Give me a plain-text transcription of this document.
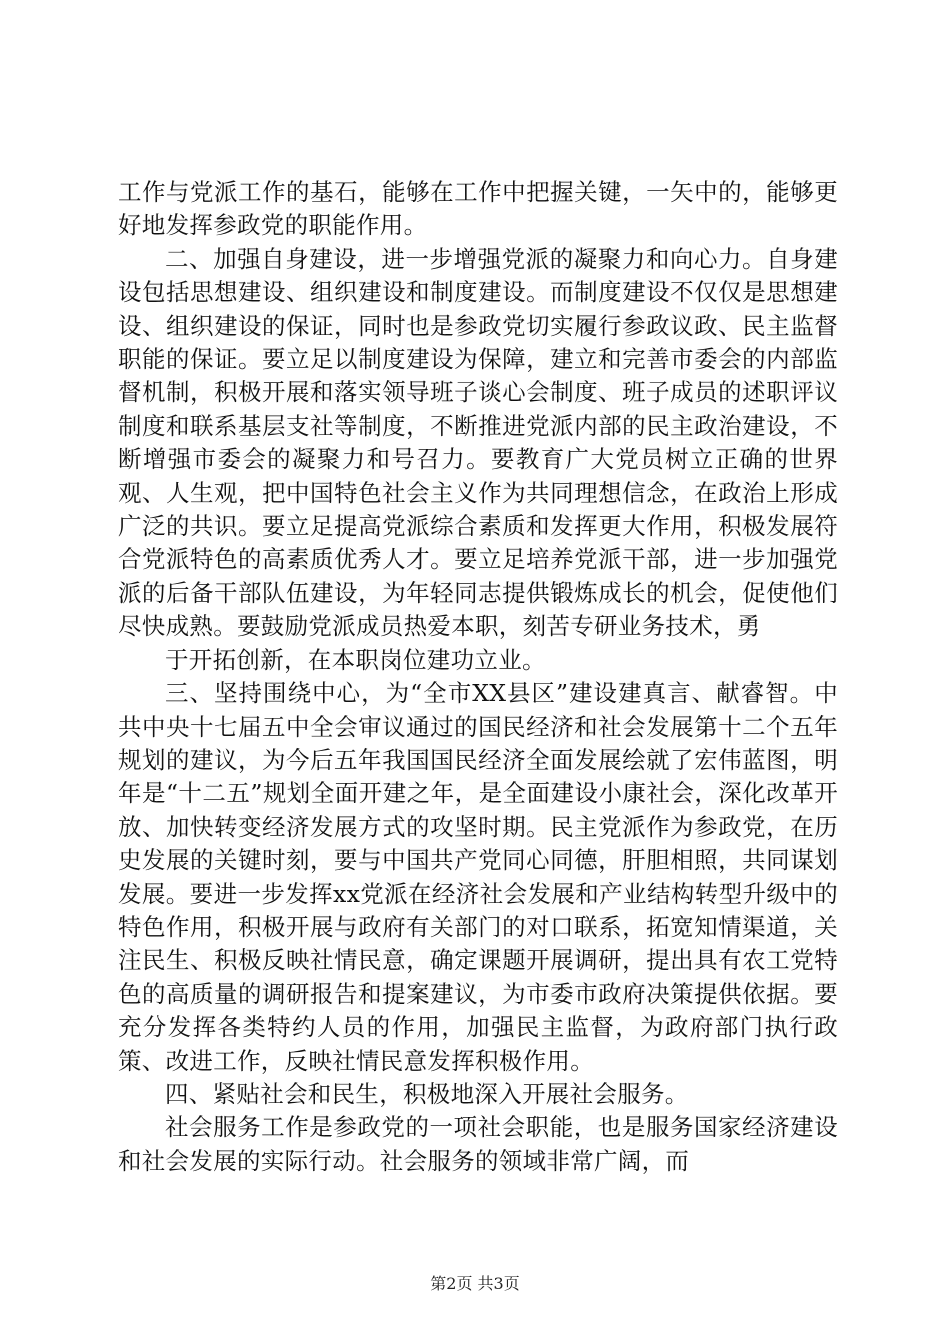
工作与党派工作的基石，能够在工作中把握关键，一矢中的，能够更好地发挥参政党的职能作用。

二、加强自身建设，进一步增强党派的凝聚力和向心力。自身建设包括思想建设、组织建设和制度建设。而制度建设不仅仅是思想建设、组织建设的保证，同时也是参政党切实履行参政议政、民主监督职能的保证。要立足以制度建设为保障，建立和完善市委会的内部监督机制，积极开展和落实领导班子谈心会制度、班子成员的述职评议制度和联系基层支社等制度，不断推进党派内部的民主政治建设，不断增强市委会的凝聚力和号召力。要教育广大党员树立正确的世界观、人生观，把中国特色社会主义作为共同理想信念，在政治上形成广泛的共识。要立足提高党派综合素质和发挥更大作用，积极发展符合党派特色的高素质优秀人才。要立足培养党派干部，进一步加强党派的后备干部队伍建设，为年轻同志提供锻炼成长的机会，促使他们尽快成熟。要鼓励党派成员热爱本职，刻苦专研业务技术，勇

于开拓创新，在本职岗位建功立业。

三、坚持围绕中心，为“全市XX县区”建设建真言、献睿智。中共中央十七届五中全会审议通过的国民经济和社会发展第十二个五年规划的建议，为今后五年我国国民经济全面发展绘就了宏伟蓝图，明年是“十二五”规划全面开建之年，是全面建设小康社会，深化改革开放、加快转变经济发展方式的攻坚时期。民主党派作为参政党，在历史发展的关键时刻，要与中国共产党同心同德，肝胆相照，共同谋划发展。要进一步发挥xx党派在经济社会发展和产业结构转型升级中的特色作用，积极开展与政府有关部门的对口联系，拓宽知情渠道，关注民生、积极反映社情民意，确定课题开展调研，提出具有农工党特色的高质量的调研报告和提案建议，为市委市政府决策提供依据。要充分发挥各类特约人员的作用，加强民主监督，为政府部门执行政策、改进工作，反映社情民意发挥积极作用。

四、紧贴社会和民生，积极地深入开展社会服务。

社会服务工作是参政党的一项社会职能，也是服务国家经济建设和社会发展的实际行动。社会服务的领域非常广阔，而

第2页 共3页
